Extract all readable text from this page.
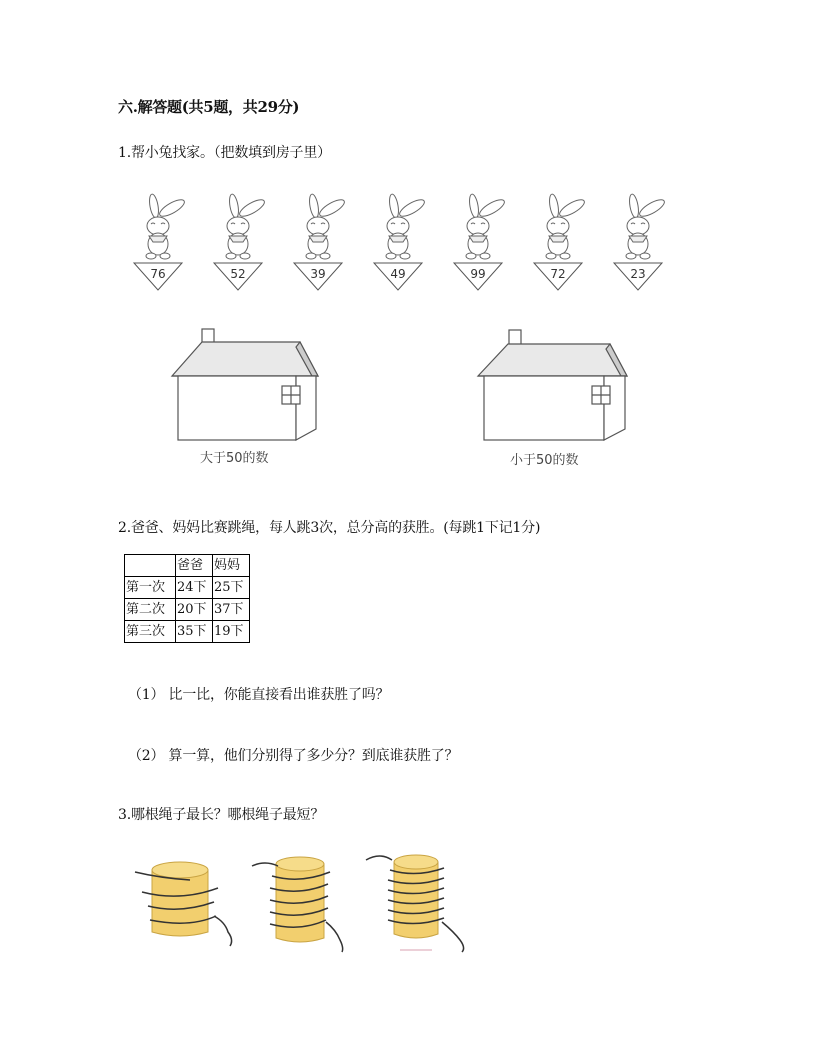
六.解答题(共5题，共29分)
1.帮小兔找家。（把数填到房子里）
76	52	39	49	99	72	23
大于50的数	小于50的数
2.爸爸、妈妈比赛跳绳，每人跳3次，总分高的获胜。(每跳1下记1分)
	爸爸	妈妈
第一次	24下	25下
第二次	20下	37下
第三次	35下	19下
（1） 比一比，你能直接看出谁获胜了吗？
（2） 算一算，他们分别得了多少分？到底谁获胜了？
3.哪根绳子最长？哪根绳子最短？
